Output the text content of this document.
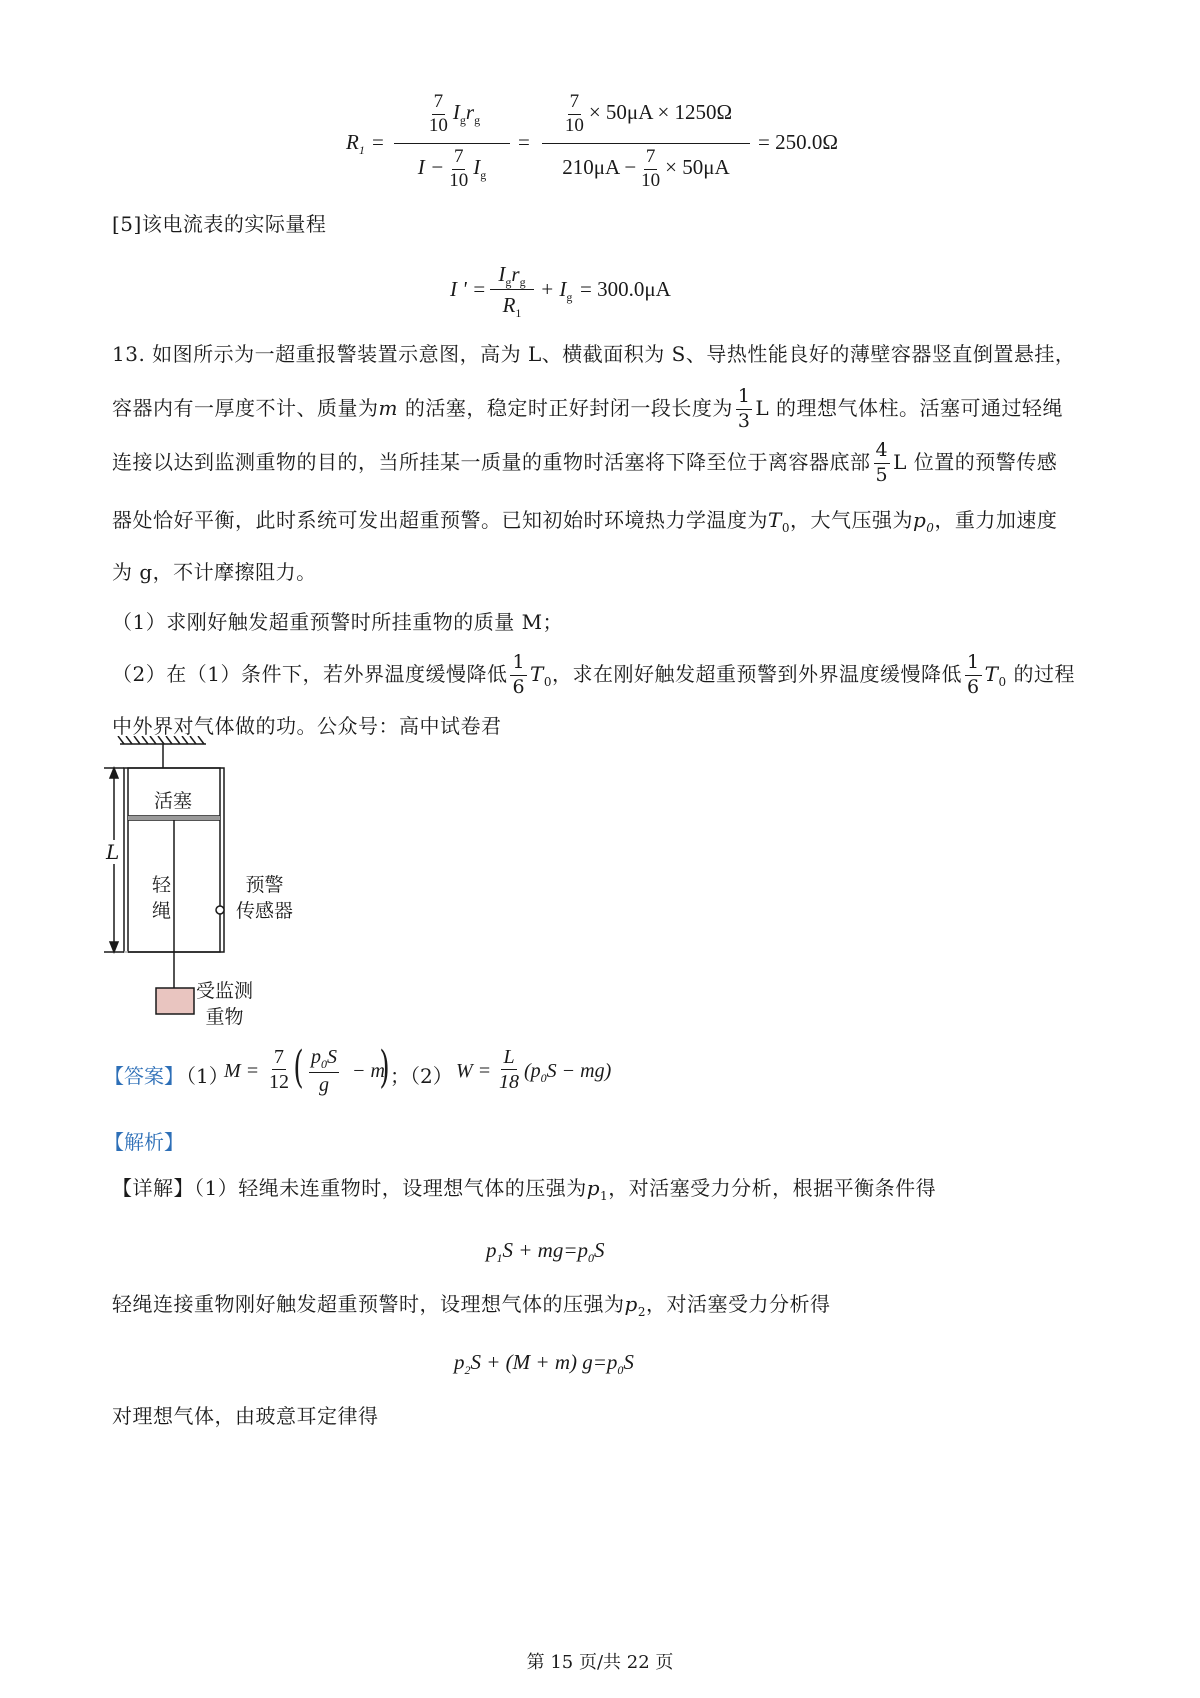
$R_1$ =
$\frac{7}{10} I_gr_g$
$I - \frac{7}{10} I_g$
=
$\frac{7}{10} \times 50\mu A \times 1250\Omega$
$210\mu A - \frac{7}{10} \times 50\mu A$
= 250.0Ω
[5]该电流表的实际量程
I ' =
$I_gr_g$
$R_1$
+ $I_g = 300.0\mu A$
13. 如图所示为一超重报警装置示意图，高为 L、横截面积为 S、导热性能良好的薄壁容器竖直倒置悬挂，
容器内有一厚度不计、质量为m 的活塞，稳定时正好封闭一段长度为 $\frac{1}{3}$ L 的理想气体柱。活塞可通过轻绳
连接以达到监测重物的目的，当所挂某一质量的重物时活塞将下降至位于离容器底部 $\frac{4}{5}$ L 位置的预警传感
器处恰好平衡，此时系统可发出超重预警。已知初始时环境热力学温度为$T_0$，大气压强为$p_0$，重力加速度
为 g，不计摩擦阻力。
（1）求刚好触发超重预警时所挂重物的质量 M；
（2）在（1）条件下，若外界温度缓慢降低 $\frac{1}{6} T_0$，求在刚好触发超重预警到外界温度缓慢降低 $\frac{1}{6} T_0$ 的过程
中外界对气体做的功。公众号：高中试卷君
活塞
L
轻
绳
预警
传感器
受监测
重物
【答案】
（1）
$M = \frac{7}{12}$ ( $\frac{p_0S}{g} - m$
) ；（2） $W = \frac{L}{18} (p_0S - mg)$
【解析】
【详解】（1）轻绳未连重物时，设理想气体的压强为$p_1$，对活塞受力分析，根据平衡条件得
$p_1S + mg=p_0S$
轻绳连接重物刚好触发超重预警时，设理想气体的压强为$p_2$，对活塞受力分析得
$p_2S + (M + m)$ $g=p_0S$
对理想气体，由玻意耳定律得
第 15 页/共 22 页
